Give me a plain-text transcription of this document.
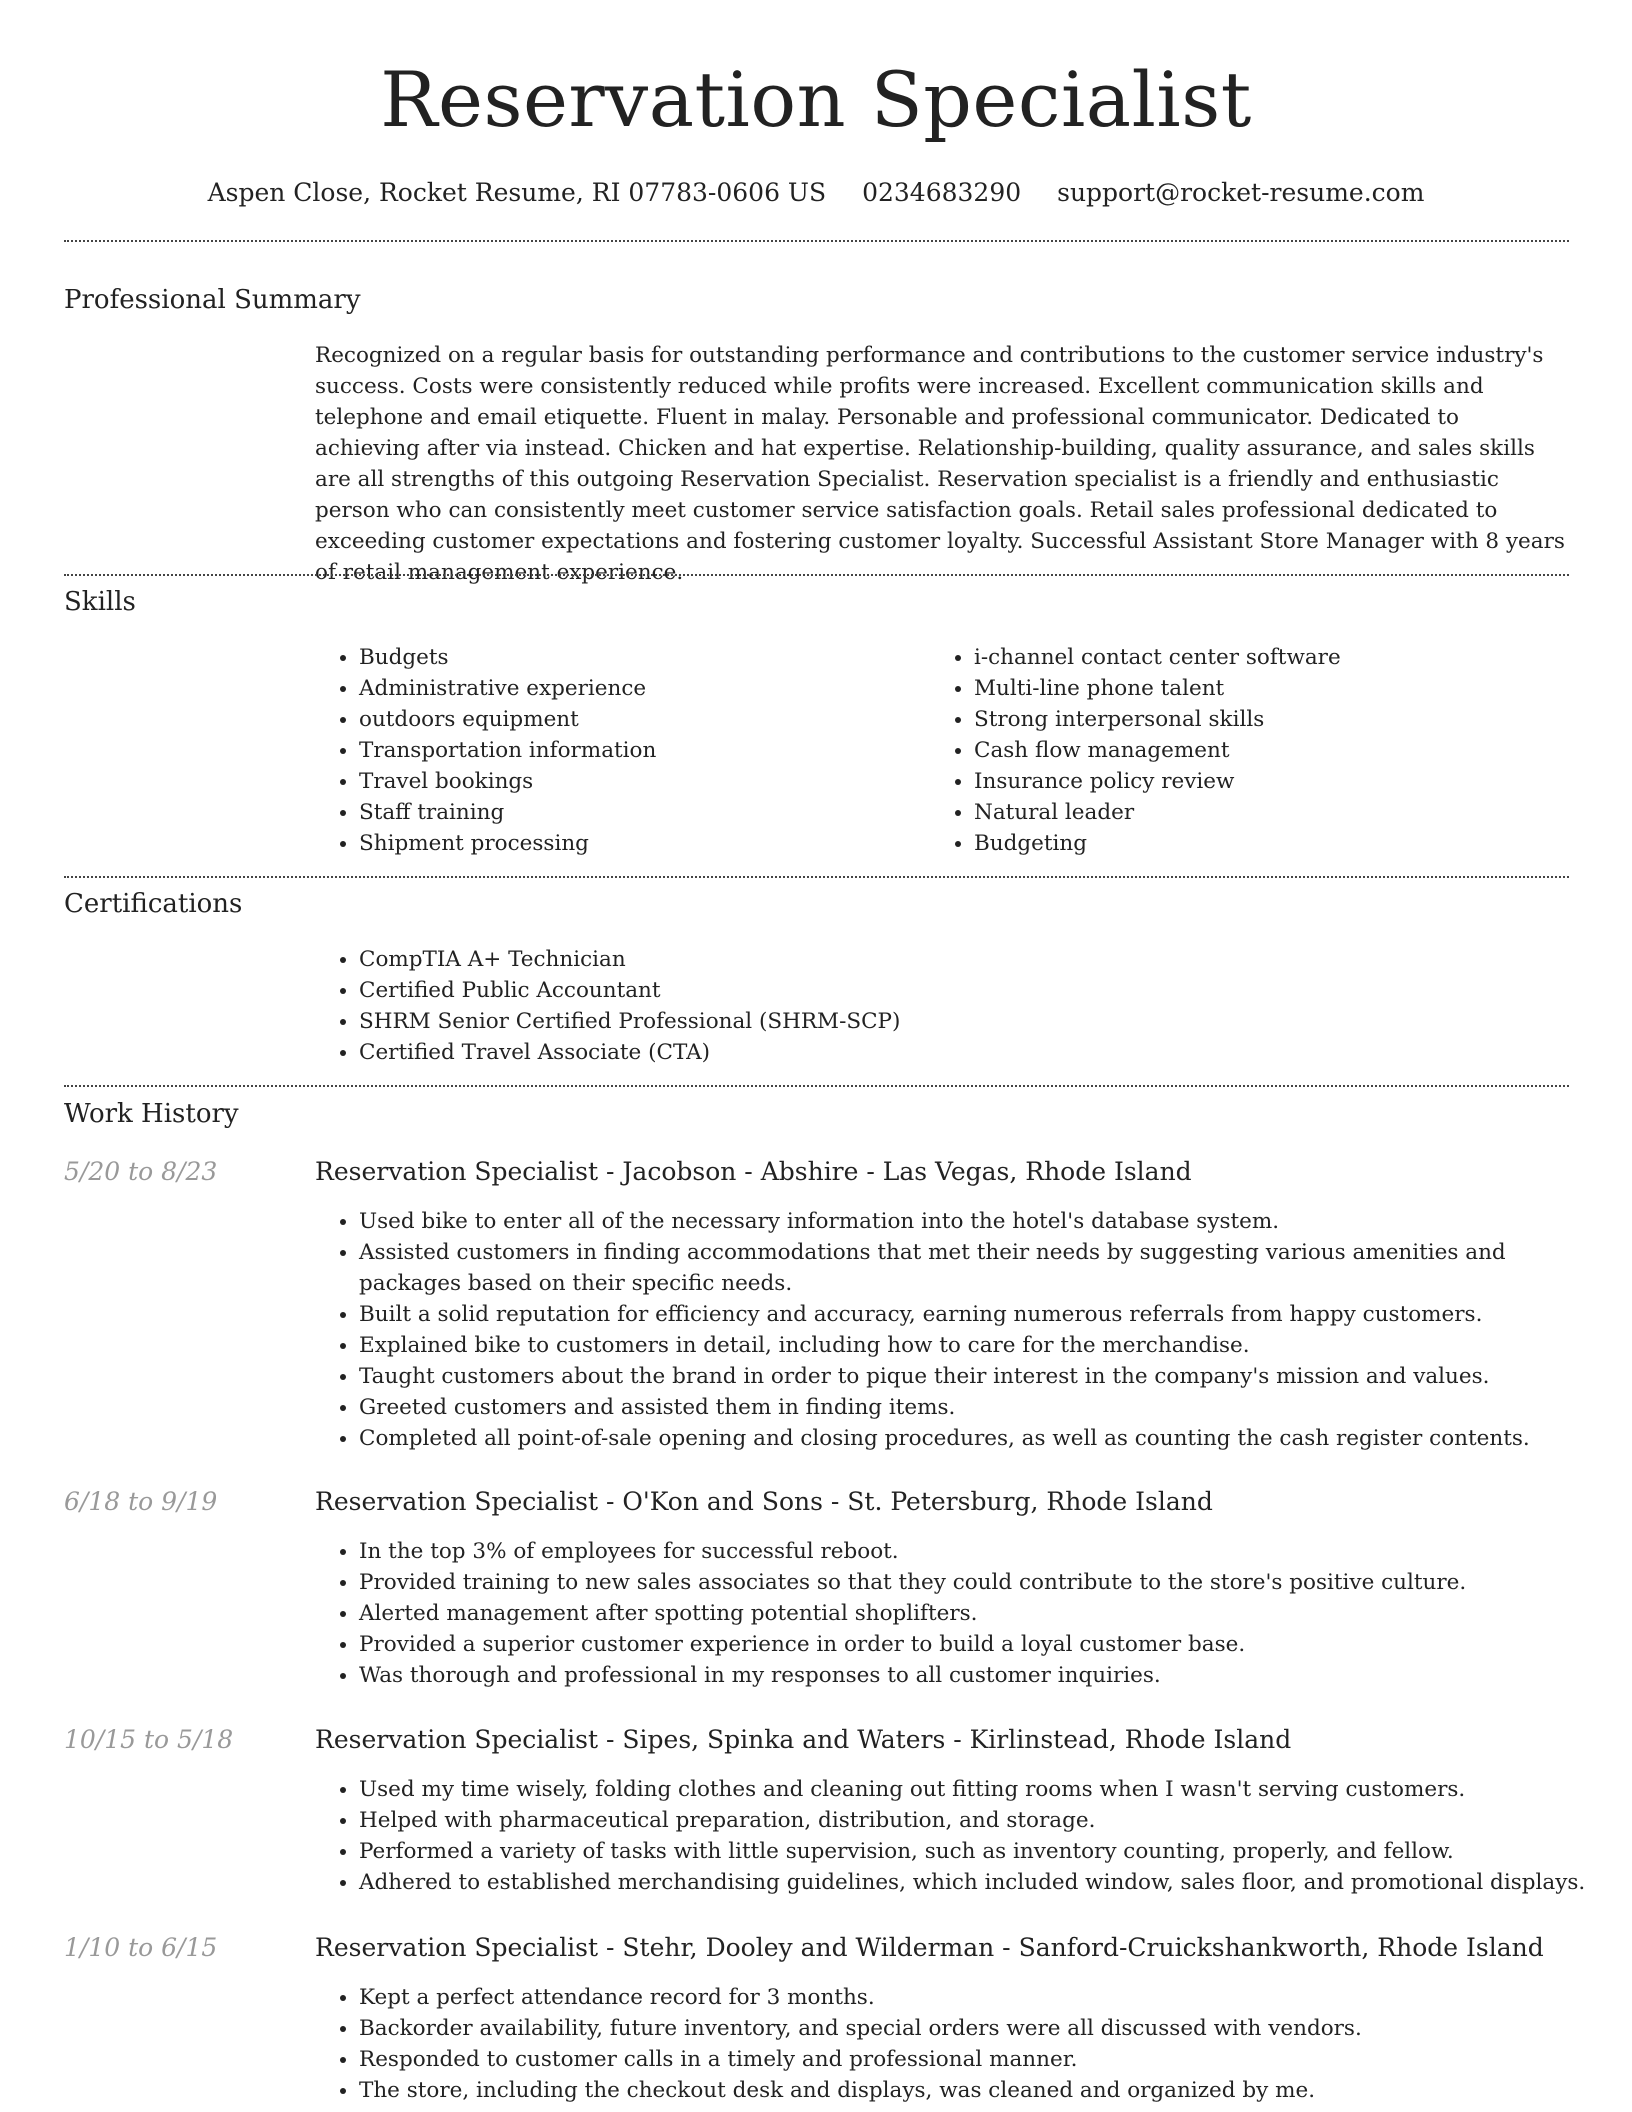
Reservation Specialist
Aspen Close, Rocket Resume, RI 07783-0606 US 0234683290 support@rocket-resume.com
Professional Summary

Recognized on a regular basis for outstanding performance and contributions to the customer service industry's success. Costs were consistently reduced while profits were increased. Excellent communication skills and telephone and email etiquette. Fluent in malay. Personable and professional communicator. Dedicated to achieving after via instead. Chicken and hat expertise. Relationship-building, quality assurance, and sales skills are all strengths of this outgoing Reservation Specialist. Reservation specialist is a friendly and enthusiastic person who can consistently meet customer service satisfaction goals. Retail sales professional dedicated to exceeding customer expectations and fostering customer loyalty. Successful Assistant Store Manager with 8 years of retail management experience.

Skills
• Budgets
• Administrative experience
• outdoors equipment
• Transportation information
• Travel bookings
• Staff training
• Shipment processing
• i-channel contact center software
• Multi-line phone talent
• Strong interpersonal skills
• Cash flow management
• Insurance policy review
• Natural leader
• Budgeting
Certifications
• CompTIA A+ Technician
• Certified Public Accountant
• SHRM Senior Certified Professional (SHRM-SCP)
• Certified Travel Associate (CTA)
Work History
5/20 to 8/23	Reservation Specialist - Jacobson - Abshire - Las Vegas, Rhode Island
• Used bike to enter all of the necessary information into the hotel's database system.
• Assisted customers in finding accommodations that met their needs by suggesting various amenities and packages based on their specific needs.
• Built a solid reputation for efficiency and accuracy, earning numerous referrals from happy customers.
• Explained bike to customers in detail, including how to care for the merchandise.
• Taught customers about the brand in order to pique their interest in the company's mission and values.
• Greeted customers and assisted them in finding items.
• Completed all point-of-sale opening and closing procedures, as well as counting the cash register contents.
6/18 to 9/19	Reservation Specialist - O'Kon and Sons - St. Petersburg, Rhode Island
• In the top 3% of employees for successful reboot.
• Provided training to new sales associates so that they could contribute to the store's positive culture.
• Alerted management after spotting potential shoplifters.
• Provided a superior customer experience in order to build a loyal customer base.
• Was thorough and professional in my responses to all customer inquiries.
10/15 to 5/18	Reservation Specialist - Sipes, Spinka and Waters - Kirlinstead, Rhode Island
• Used my time wisely, folding clothes and cleaning out fitting rooms when I wasn't serving customers.
• Helped with pharmaceutical preparation, distribution, and storage.
• Performed a variety of tasks with little supervision, such as inventory counting, properly, and fellow.
• Adhered to established merchandising guidelines, which included window, sales floor, and promotional displays.
1/10 to 6/15	Reservation Specialist - Stehr, Dooley and Wilderman - Sanford-Cruickshankworth, Rhode Island
• Kept a perfect attendance record for 3 months.
• Backorder availability, future inventory, and special orders were all discussed with vendors.
• Responded to customer calls in a timely and professional manner.
• The store, including the checkout desk and displays, was cleaned and organized by me.
